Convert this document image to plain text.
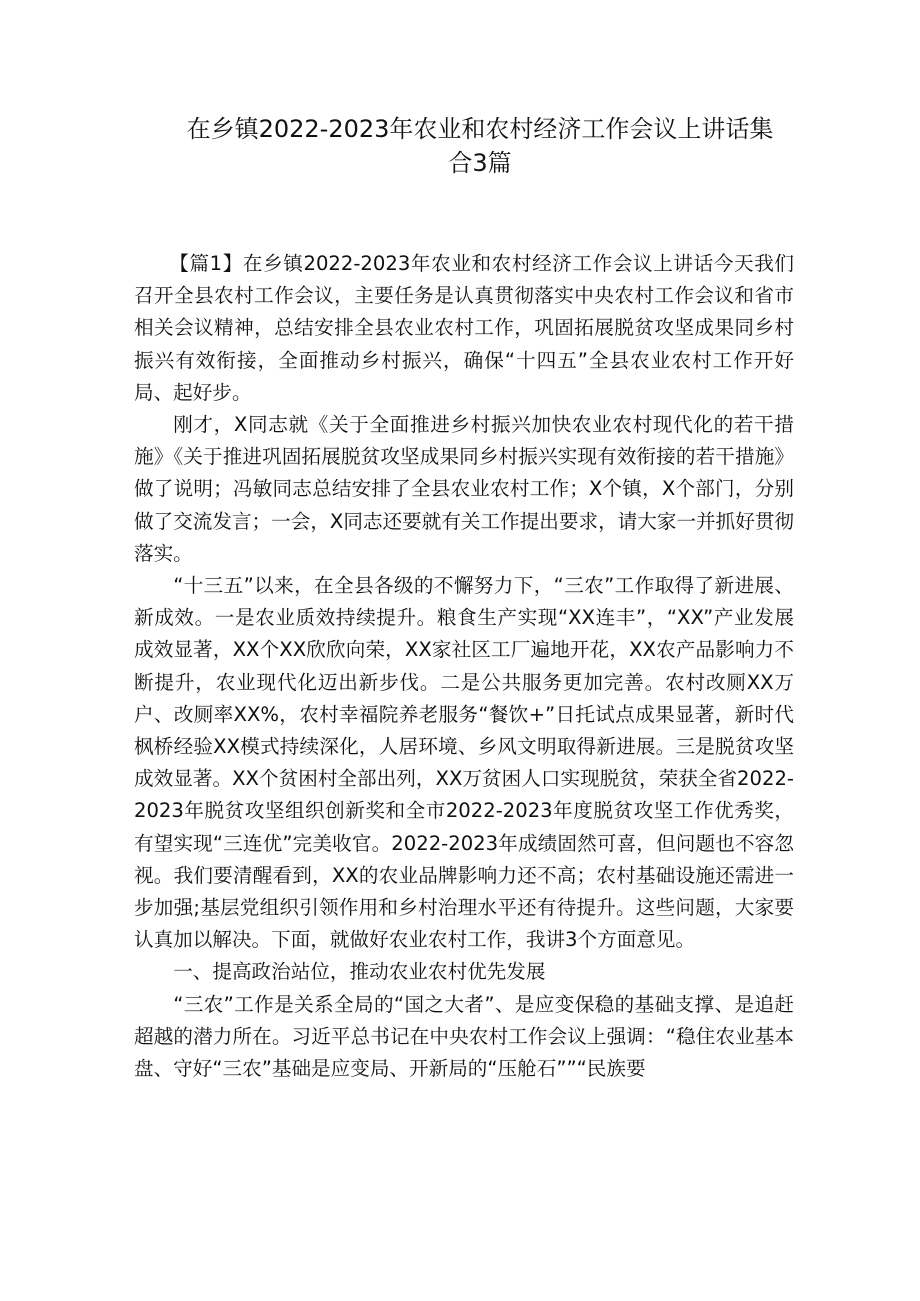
在乡镇2022-2023年农业和农村经济工作会议上讲话集
合3篇

【篇1】在乡镇2022-2023年农业和农村经济工作会议上讲话今天我们召开全县农村工作会议，主要任务是认真贯彻落实中央农村工作会议和省市相关会议精神，总结安排全县农业农村工作，巩固拓展脱贫攻坚成果同乡村振兴有效衔接，全面推动乡村振兴，确保“十四五”全县农业农村工作开好局、起好步。

刚才，X同志就《关于全面推进乡村振兴加快农业农村现代化的若干措施》《关于推进巩固拓展脱贫攻坚成果同乡村振兴实现有效衔接的若干措施》做了说明；冯敏同志总结安排了全县农业农村工作；X个镇，X个部门，分别做了交流发言；一会，X同志还要就有关工作提出要求，请大家一并抓好贯彻落实。

“十三五”以来，在全县各级的不懈努力下，“三农”工作取得了新进展、新成效。一是农业质效持续提升。粮食生产实现“XX连丰”，“XX”产业发展成效显著，XX个XX欣欣向荣，XX家社区工厂遍地开花，XX农产品影响力不断提升，农业现代化迈出新步伐。二是公共服务更加完善。农村改厕XX万户、改厕率XX%，农村幸福院养老服务“餐饮+”日托试点成果显著，新时代枫桥经验XX模式持续深化，人居环境、乡风文明取得新进展。三是脱贫攻坚成效显著。XX个贫困村全部出列，XX万贫困人口实现脱贫，荣获全省2022-2023年脱贫攻坚组织创新奖和全市2022-2023年度脱贫攻坚工作优秀奖，有望实现“三连优”完美收官。2022-2023年成绩固然可喜，但问题也不容忽视。我们要清醒看到，XX的农业品牌影响力还不高；农村基础设施还需进一步加强;基层党组织引领作用和乡村治理水平还有待提升。这些问题，大家要认真加以解决。下面，就做好农业农村工作，我讲3个方面意见。

一、提高政治站位，推动农业农村优先发展

“三农”工作是关系全局的“国之大者”、是应变保稳的基础支撑、是追赶超越的潜力所在。习近平总书记在中央农村工作会议上强调：“稳住农业基本盘、守好“三农”基础是应变局、开新局的“压舱石””“民族要
